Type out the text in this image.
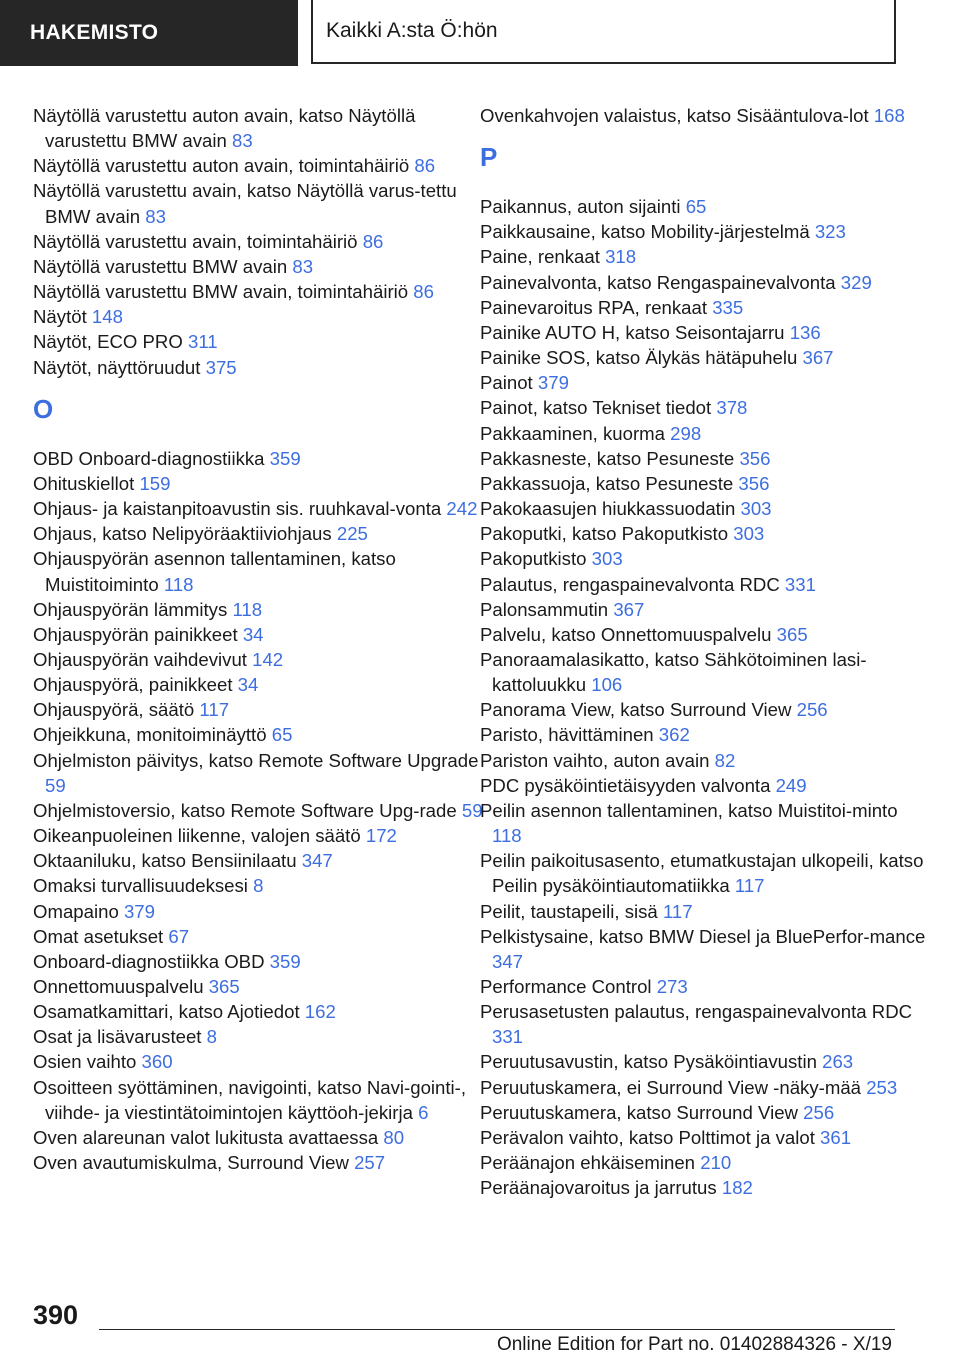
HAKEMISTO	Kaikki A:sta Ö:hön

Näytöllä varustettu auton avain, katso Näytöllä varustettu BMW avain 83

Näytöllä varustettu auton avain, toimintahäiriö 86

Näytöllä varustettu avain, katso Näytöllä varus-tettu BMW avain 83

Näytöllä varustettu avain, toimintahäiriö 86

Näytöllä varustettu BMW avain 83

Näytöllä varustettu BMW avain, toimintahäiriö 86

Näytöt 148

Näytöt, ECO PRO 311

Näytöt, näyttöruudut 375

O

OBD Onboard-diagnostiikka 359

Ohituskiellot 159

Ohjaus- ja kaistanpitoavustin sis. ruuhkaval-vonta 242

Ohjaus, katso Nelipyöräaktiiviohjaus 225

Ohjauspyörän asennon tallentaminen, katso Muistitoiminto 118

Ohjauspyörän lämmitys 118

Ohjauspyörän painikkeet 34

Ohjauspyörän vaihdevivut 142

Ohjauspyörä, painikkeet 34

Ohjauspyörä, säätö 117

Ohjeikkuna, monitoiminäyttö 65

Ohjelmiston päivitys, katso Remote Software Upgrade 59

Ohjelmistoversio, katso Remote Software Upg-rade 59

Oikeanpuoleinen liikenne, valojen säätö 172

Oktaaniluku, katso Bensiinilaatu 347

Omaksi turvallisuudeksesi 8

Omapaino 379

Omat asetukset 67

Onboard-diagnostiikka OBD 359

Onnettomuuspalvelu 365

Osamatkamittari, katso Ajotiedot 162

Osat ja lisävarusteet 8

Osien vaihto 360

Osoitteen syöttäminen, navigointi, katso Navi-gointi-, viihde- ja viestintätoimintojen käyttöoh-jekirja 6

Oven alareunan valot lukitusta avattaessa 80

Oven avautumiskulma, Surround View 257

Ovenkahvojen valaistus, katso Sisääntulova-lot 168

P

Paikannus, auton sijainti 65

Paikkausaine, katso Mobility-järjestelmä 323

Paine, renkaat 318

Painevalvonta, katso Rengaspainevalvonta 329

Painevaroitus RPA, renkaat 335

Painike AUTO H, katso Seisontajarru 136

Painike SOS, katso Älykäs hätäpuhelu 367

Painot 379

Painot, katso Tekniset tiedot 378

Pakkaaminen, kuorma 298

Pakkasneste, katso Pesuneste 356

Pakkassuoja, katso Pesuneste 356

Pakokaasujen hiukkassuodatin 303

Pakoputki, katso Pakoputkisto 303

Pakoputkisto 303

Palautus, rengaspainevalvonta RDC 331

Palonsammutin 367

Palvelu, katso Onnettomuuspalvelu 365

Panoraamalasikatto, katso Sähkötoiminen lasi-kattoluukku 106

Panorama View, katso Surround View 256

Paristo, hävittäminen 362

Pariston vaihto, auton avain 82

PDC pysäköintietäisyyden valvonta 249

Peilin asennon tallentaminen, katso Muistitoi-minto 118

Peilin paikoitusasento, etumatkustajan ulkopeili, katso Peilin pysäköintiautomatiikka 117

Peilit, taustapeili, sisä 117

Pelkistysaine, katso BMW Diesel ja BluePerfor-mance 347

Performance Control 273

Perusasetusten palautus, rengaspainevalvonta RDC 331

Peruutusavustin, katso Pysäköintiavustin 263

Peruutuskamera, ei Surround View -näky-mää 253

Peruutuskamera, katso Surround View 256

Perävalon vaihto, katso Polttimot ja valot 361

Peräänajon ehkäiseminen 210

Peräänajovaroitus ja jarrutus 182

390
Online Edition for Part no. 01402884326 - X/19
